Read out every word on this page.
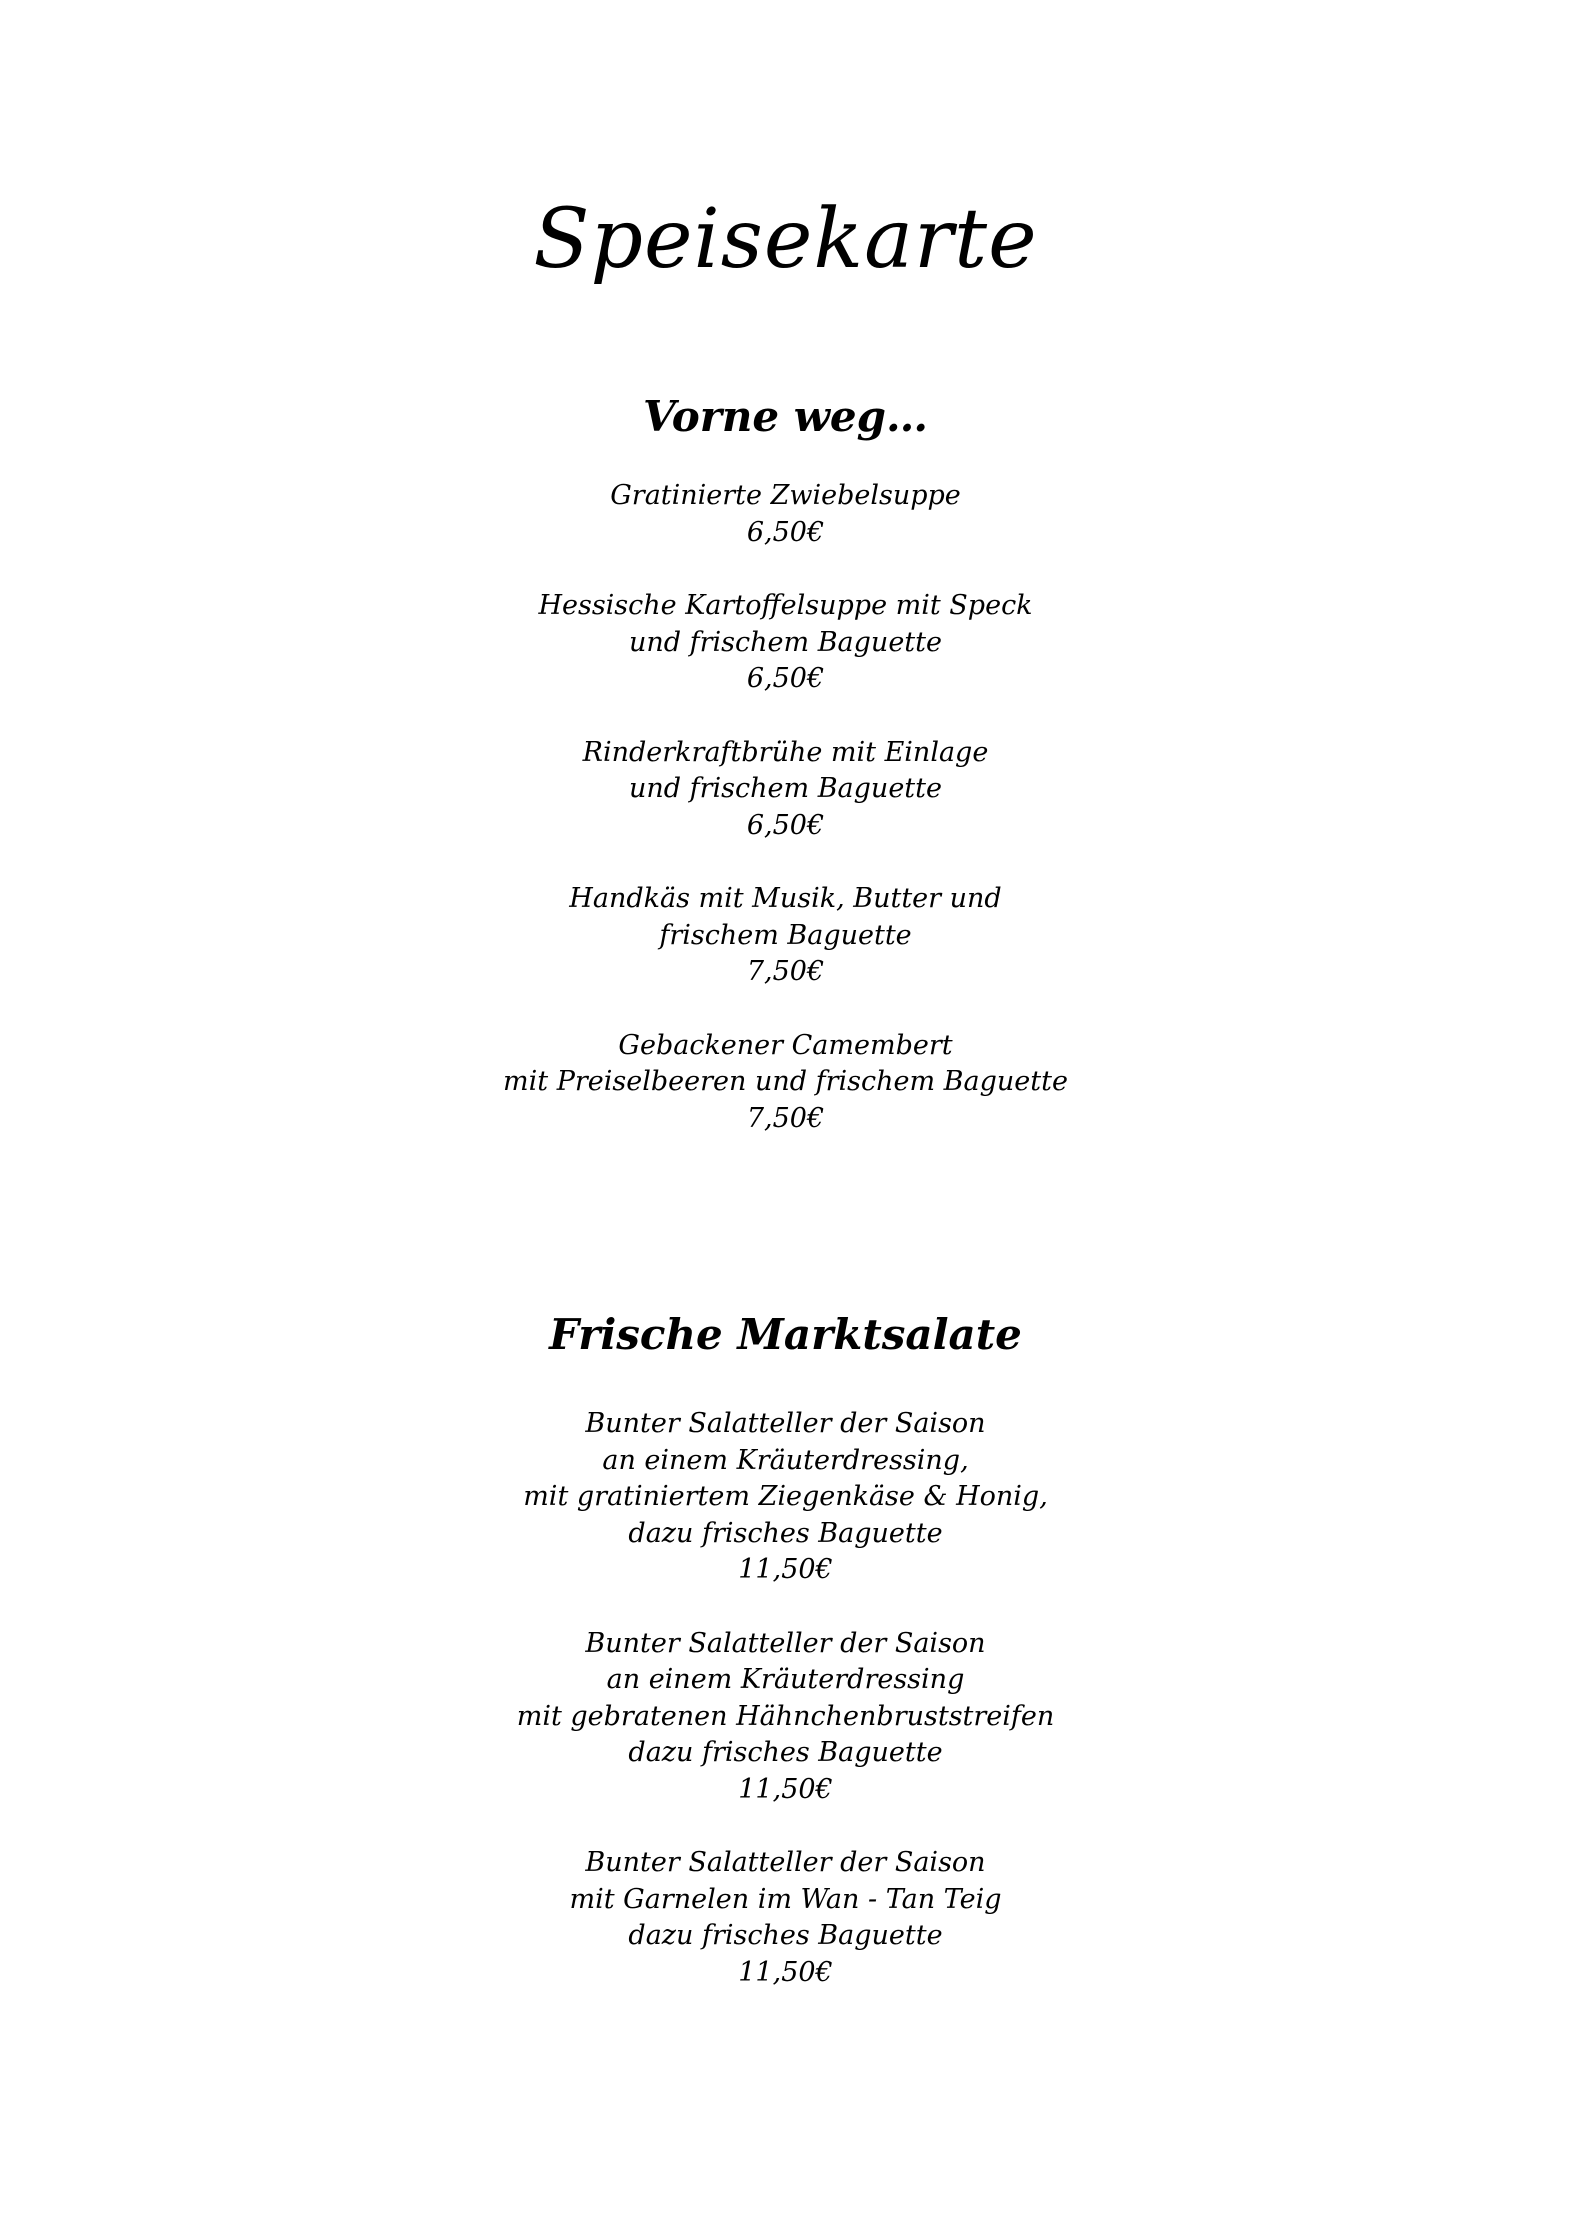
Speisekarte
Vorne weg…
Gratinierte Zwiebelsuppe
6,50€
Hessische Kartoffelsuppe mit Speck
und frischem Baguette
6,50€
Rinderkraftbrühe mit Einlage
und frischem Baguette
6,50€
Handkäs mit Musik, Butter und
frischem Baguette
7,50€
Gebackener Camembert
mit Preiselbeeren und frischem Baguette
7,50€
Frische Marktsalate
Bunter Salatteller der Saison
an einem Kräuterdressing,
mit gratiniertem Ziegenkäse & Honig,
dazu frisches Baguette
11,50€
Bunter Salatteller der Saison
an einem Kräuterdressing
mit gebratenen Hähnchenbruststreifen
dazu frisches Baguette
11,50€
Bunter Salatteller der Saison
mit Garnelen im Wan - Tan Teig
dazu frisches Baguette
11,50€
